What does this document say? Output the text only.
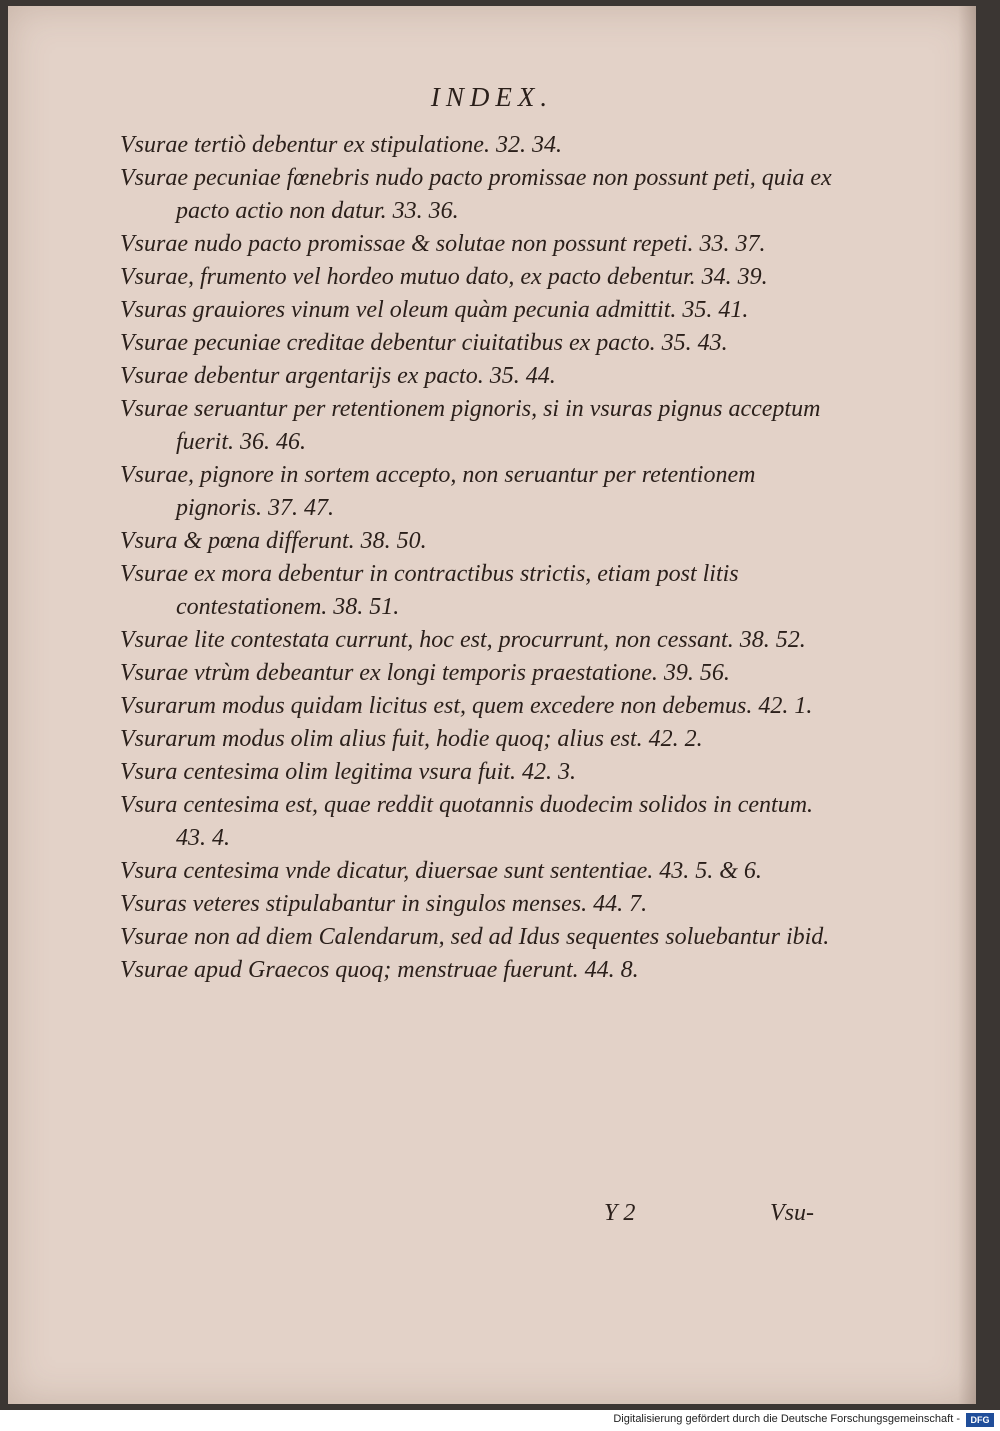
INDEX.
Vsurae tertiò debentur ex stipulatione. 32. 34.
Vsurae pecuniae fœnebris nudo pacto promissae non possunt peti, quia ex pacto actio non datur. 33. 36.
Vsurae nudo pacto promissae & solutae non possunt repeti. 33. 37.
Vsurae, frumento vel hordeo mutuo dato, ex pacto debentur. 34. 39.
Vsuras grauiores vinum vel oleum quàm pecunia admittit. 35. 41.
Vsurae pecuniae creditae debentur ciuitatibus ex pacto. 35. 43.
Vsurae debentur argentarijs ex pacto. 35. 44.
Vsurae seruantur per retentionem pignoris, si in vsuras pignus acceptum fuerit. 36. 46.
Vsurae, pignore in sortem accepto, non seruantur per retentionem pignoris. 37. 47.
Vsura & pœna differunt. 38. 50.
Vsurae ex mora debentur in contractibus strictis, etiam post litis contestationem. 38. 51.
Vsurae lite contestata currunt, hoc est, procurrunt, non cessant. 38. 52.
Vsurae vtrùm debeantur ex longi temporis praestatione. 39. 56.
Vsurarum modus quidam licitus est, quem excedere non debemus. 42. 1.
Vsurarum modus olim alius fuit, hodie quoq; alius est. 42. 2.
Vsura centesima olim legitima vsura fuit. 42. 3.
Vsura centesima est, quae reddit quotannis duodecim solidos in centum. 43. 4.
Vsura centesima vnde dicatur, diuersae sunt sententiae. 43. 5. & 6.
Vsuras veteres stipulabantur in singulos menses. 44. 7.
Vsurae non ad diem Calendarum, sed ad Idus sequentes soluebantur ibid.
Vsurae apud Graecos quoq; menstruae fuerunt. 44. 8.
Y 2	Vsu-
Digitalisierung gefördert durch die Deutsche Forschungsgemeinschaft -	DFG
